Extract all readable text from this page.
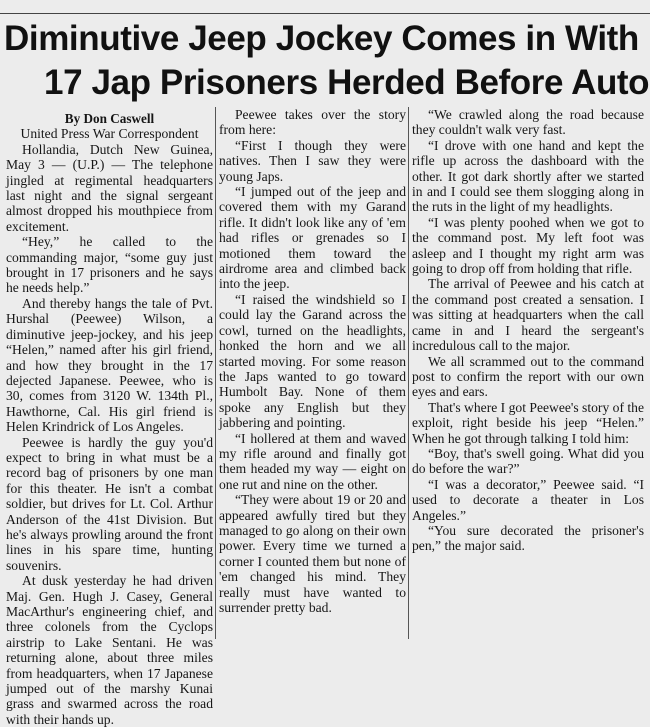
Diminutive Jeep Jockey Comes in With
17 Jap Prisoners Herded Before Auto

By Don Caswell

United Press War Correspondent

Hollandia, Dutch New Guinea, May 3 — (U.P.) — The telephone jingled at regimental headquarters last night and the signal sergeant almost dropped his mouthpiece from excitement.

“Hey,” he called to the commanding major, “some guy just brought in 17 prisoners and he says he needs help.”

And thereby hangs the tale of Pvt. Hurshal (Peewee) Wilson, a diminutive jeep-jockey, and his jeep “Helen,” named after his girl friend, and how they brought in the 17 dejected Japanese. Peewee, who is 30, comes from 3120 W. 134th Pl., Hawthorne, Cal. His girl friend is Helen Krindrick of Los Angeles.

Peewee is hardly the guy you'd expect to bring in what must be a record bag of prisoners by one man for this theater. He isn't a combat soldier, but drives for Lt. Col. Arthur Anderson of the 41st Division. But he's always prowling around the front lines in his spare time, hunting souvenirs.

At dusk yesterday he had driven Maj. Gen. Hugh J. Casey, General MacArthur's engineering chief, and three colonels from the Cyclops airstrip to Lake Sentani. He was returning alone, about three miles from headquarters, when 17 Japanese jumped out of the marshy Kunai grass and swarmed across the road with their hands up.

Peewee takes over the story from here:

“First I though they were natives. Then I saw they were young Japs.

“I jumped out of the jeep and covered them with my Garand rifle. It didn't look like any of 'em had rifles or grenades so I motioned them toward the airdrome area and climbed back into the jeep.

“I raised the windshield so I could lay the Garand across the cowl, turned on the headlights, honked the horn and we all started moving. For some reason the Japs wanted to go toward Humbolt Bay. None of them spoke any English but they jabbering and pointing.

“I hollered at them and waved my rifle around and finally got them headed my way — eight on one rut and nine on the other.

“They were about 19 or 20 and appeared awfully tired but they managed to go along on their own power. Every time we turned a corner I counted them but none of 'em changed his mind. They really must have wanted to surrender pretty bad.

“We crawled along the road because they couldn't walk very fast.

“I drove with one hand and kept the rifle up across the dashboard with the other. It got dark shortly after we started in and I could see them slogging along in the ruts in the light of my headlights.

“I was plenty poohed when we got to the command post. My left foot was asleep and I thought my right arm was going to drop off from holding that rifle.

The arrival of Peewee and his catch at the command post created a sensation. I was sitting at headquarters when the call came in and I heard the sergeant's incredulous call to the major.

We all scrammed out to the command post to confirm the report with our own eyes and ears.

That's where I got Peewee's story of the exploit, right beside his jeep “Helen.” When he got through talking I told him:

“Boy, that's swell going. What did you do before the war?”

“I was a decorator,” Peewee said. “I used to decorate a theater in Los Angeles.”

“You sure decorated the prisoner's pen,” the major said.
